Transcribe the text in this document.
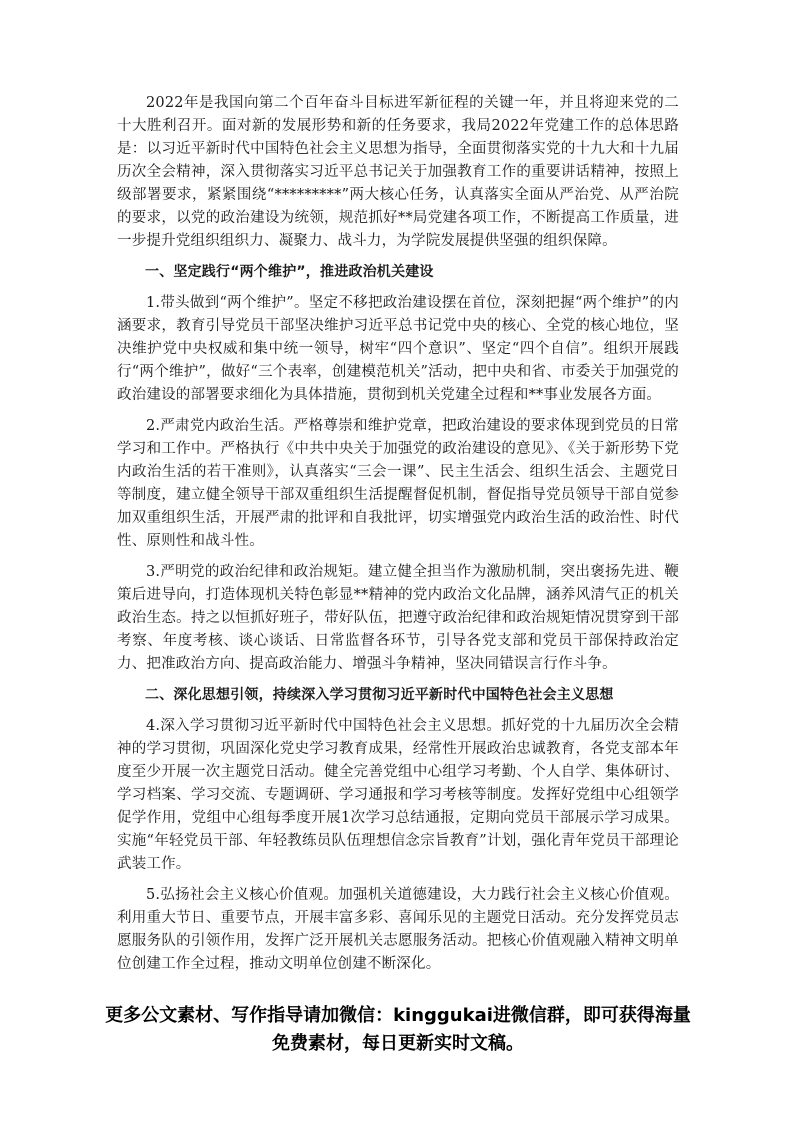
2022年是我国向第二个百年奋斗目标进军新征程的关键一年，并且将迎来党的二十大胜利召开。面对新的发展形势和新的任务要求，我局2022年党建工作的总体思路是：以习近平新时代中国特色社会主义思想为指导，全面贯彻落实党的十九大和十九届历次全会精神，深入贯彻落实习近平总书记关于加强教育工作的重要讲话精神，按照上级部署要求，紧紧围绕“*********”两大核心任务，认真落实全面从严治党、从严治院的要求，以党的政治建设为统领，规范抓好**局党建各项工作，不断提高工作质量，进一步提升党组织组织力、凝聚力、战斗力，为学院发展提供坚强的组织保障。

一、坚定践行“两个维护”，推进政治机关建设

1.带头做到“两个维护”。坚定不移把政治建设摆在首位，深刻把握“两个维护”的内涵要求，教育引导党员干部坚决维护习近平总书记党中央的核心、全党的核心地位，坚决维护党中央权威和集中统一领导，树牢“四个意识”、坚定“四个自信”。组织开展践行“两个维护”，做好“三个表率，创建模范机关”活动，把中央和省、市委关于加强党的政治建设的部署要求细化为具体措施，贯彻到机关党建全过程和**事业发展各方面。

2.严肃党内政治生活。严格尊崇和维护党章，把政治建设的要求体现到党员的日常学习和工作中。严格执行《中共中央关于加强党的政治建设的意见》、《关于新形势下党内政治生活的若干准则》，认真落实“三会一课”、民主生活会、组织生活会、主题党日等制度，建立健全领导干部双重组织生活提醒督促机制，督促指导党员领导干部自觉参加双重组织生活，开展严肃的批评和自我批评，切实增强党内政治生活的政治性、时代性、原则性和战斗性。

3.严明党的政治纪律和政治规矩。建立健全担当作为激励机制，突出褒扬先进、鞭策后进导向，打造体现机关特色彰显**精神的党内政治文化品牌，涵养风清气正的机关政治生态。持之以恒抓好班子，带好队伍，把遵守政治纪律和政治规矩情况贯穿到干部考察、年度考核、谈心谈话、日常监督各环节，引导各党支部和党员干部保持政治定力、把准政治方向、提高政治能力、增强斗争精神，坚决同错误言行作斗争。

二、深化思想引领，持续深入学习贯彻习近平新时代中国特色社会主义思想

4.深入学习贯彻习近平新时代中国特色社会主义思想。抓好党的十九届历次全会精神的学习贯彻，巩固深化党史学习教育成果，经常性开展政治忠诚教育，各党支部本年度至少开展一次主题党日活动。健全完善党组中心组学习考勤、个人自学、集体研讨、学习档案、学习交流、专题调研、学习通报和学习考核等制度。发挥好党组中心组领学促学作用，党组中心组每季度开展1次学习总结通报，定期向党员干部展示学习成果。实施“年轻党员干部、年轻教练员队伍理想信念宗旨教育”计划，强化青年党员干部理论武装工作。

5.弘扬社会主义核心价值观。加强机关道德建设，大力践行社会主义核心价值观。利用重大节日、重要节点，开展丰富多彩、喜闻乐见的主题党日活动。充分发挥党员志愿服务队的引领作用，发挥广泛开展机关志愿服务活动。把核心价值观融入精神文明单位创建工作全过程，推动文明单位创建不断深化。

更多公文素材、写作指导请加微信：kinggukai进微信群，即可获得海量免费素材，每日更新实时文稿。
